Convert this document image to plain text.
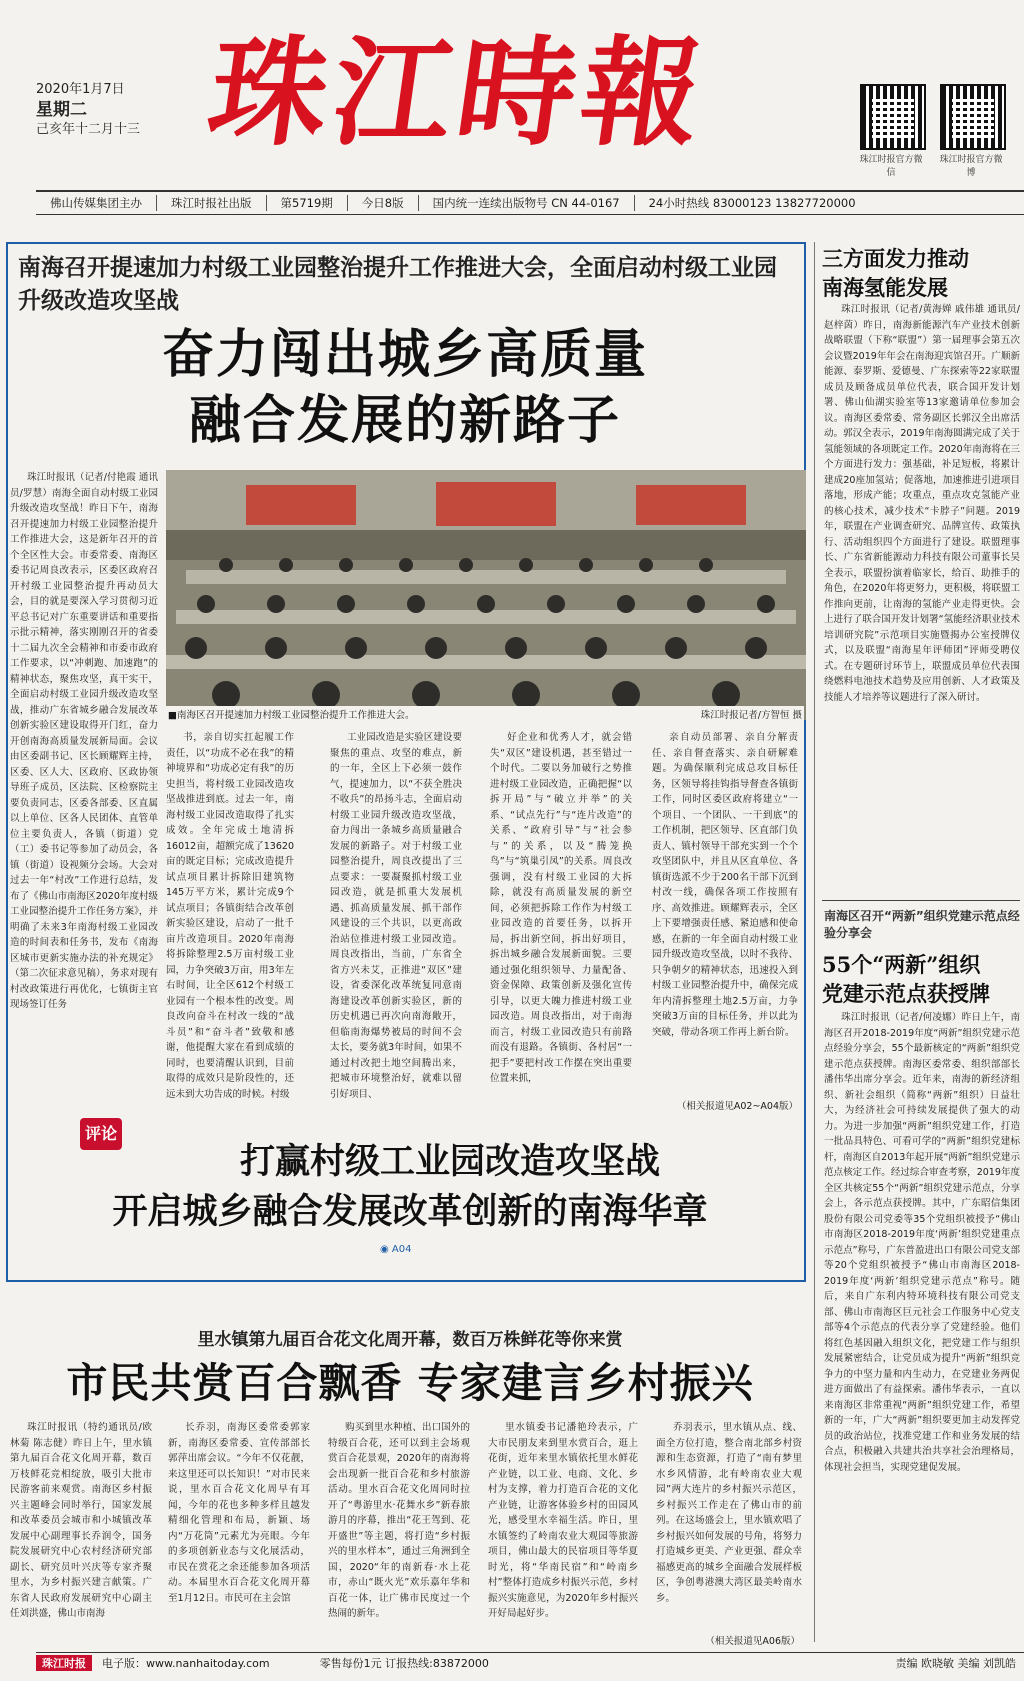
2020年1月7日
星期二
己亥年十二月十三 珠江時報	珠江时报官方微信
珠江时报官方微博
佛山传媒集团主办	珠江时报社出版	第5719期	今日8版	国内统一连续出版物号 CN 44-0167	24小时热线 83000123 13827720000
南海召开提速加力村级工业园整治提升工作推进大会，全面启动村级工业园升级改造攻坚战
奋力闯出城乡高质量
融合发展的新路子
■南海区召开提速加力村级工业园整治提升工作推进大会。	珠江时报记者/方智恒 摄

珠江时报讯（记者/付艳霞 通讯员/罗慧）南海全面自动村级工业园升级改造攻坚战！昨日下午，南海召开提速加力村级工业园整治提升工作推进大会，这是新年召开的首个全区性大会。市委常委、南海区委书记周良改表示，区委区政府召开村级工业园整治提升再动员大会，目的就是要深入学习贯彻习近平总书记对广东重要讲话和重要指示批示精神，落实刚刚召开的省委十二届九次全会精神和市委市政府工作要求，以“冲刺跑、加速跑”的精神状态，聚焦攻坚，真干实干，全面启动村级工业园升级改造攻坚战，推动广东省城乡融合发展改革创新实验区建设取得开门红，奋力开创南海高质量发展新局面。会议由区委副书记、区长顾耀辉主持，区委、区人大、区政府、区政协领导班子成员，区法院、区检察院主要负责同志，区委各部委、区直属以上单位、区各人民团体、直管单位主要负责人，各镇（街道）党（工）委书记等参加了动员会，各镇（街道）设视频分会场。大会对过去一年“村改”工作进行总结，发布了《佛山市南海区2020年度村级工业园整治提升工作任务方案》，并明确了未来3年南海村级工业园改造的时间表和任务书，发布《南海区城市更新实施办法的补充规定》（第二次征求意见稿），务求对现有村改政策进行再优化，七镇街主官现场签订任务

书，亲自切实扛起履工作责任，以“功成不必在我”的精神境界和“功成必定有我”的历史担当，将村级工业园改造攻坚战推进到底。过去一年，南海村级工业园改造取得了扎实成效。全年完成土地清拆16012亩，超额完成了13620亩的既定目标；完成改造提升试点项目累计拆除旧建筑物145万平方米，累计完成9个试点项目；各镇街结合改革创新实验区建设，启动了一批千亩片改造项目。2020年南海将拆除整理2.5万亩村级工业园，力争突破3万亩，用3年左右时间，让全区612个村级工业园有一个根本性的改变。周良改向奋斗在村改一线的“战斗员”和“奋斗者”致敬和感谢，他提醒大家在看到成绩的同时，也要清醒认识到，目前取得的成效只是阶段性的，还远未到大功告成的时候。村级

工业园改造是实验区建设要聚焦的重点、攻坚的难点，新的一年，全区上下必须一鼓作气，提速加力，以“不获全胜决不收兵”的昂扬斗志，全面启动村级工业园升级改造攻坚战，奋力闯出一条城乡高质量融合发展的新路子。对于村级工业园整治提升，周良改提出了三点要求：一要凝聚抓村级工业园改造，就是抓重大发展机遇、抓高质量发展、抓干部作风建设的三个共识，以更高政治站位推进村级工业园改造。周良改指出，当前，广东省全省方兴未艾，正推进“双区”建设，省委深化改革统复同意南海建设改革创新实验区，新的历史机遇已再次向南海敞开，但临南海爆势被局的时间不会太长，要务就3年时间，如果不通过村改把土地空间腾出来，把城市环境整治好，就难以留引好项目、

好企业和优秀人才，就会错失“双区”建设机遇，甚至错过一个时代。二要以务加破行之势推进村级工业园改造，正确把握“以拆开局”与“破立并举”的关系、“试点先行”与“连片改造”的关系、“政府引导”与“社会参与”的关系，以及“腾笼换鸟”与“筑巢引凤”的关系。周良改强调，没有村级工业园的大拆除，就没有高质量发展的新空间，必须把拆除工作作为村级工业园改造的首要任务，以拆开局，拆出新空间，拆出好项目，拆出城乡融合发展新面貌。三要通过强化组织领导、力量配备、资金保障、政策创新及强化宣传引导，以更大魄力推进村级工业园改造。周良改指出，对于南海而言，村级工业园改造只有前路而没有退路。各镇街、各村居“一把手”要把村改工作摆在突出重要位置来抓，

亲自动员部署、亲自分解责任、亲自督查落实、亲自研解难题。为确保顺利完成总攻目标任务，区领导将挂钩指导督查各镇街工作，同时区委区政府将建立“一个项目、一个团队、一干到底”的工作机制，把区领导、区直部门负责人、镇村领导干部充实到一个个攻坚团队中，并且从区直单位、各镇街选派不少于200名干部下沉到村改一线，确保各项工作按照有序、高效推进。顾耀辉表示，全区上下要增强责任感、紧迫感和使命感，在新的一年全面自动村级工业园升级改造攻坚战，以时不我待、只争朝夕的精神状态，迅速投入到村级工业园整治提升中，确保完成年内清拆整理土地2.5万亩，力争突破3万亩的目标任务，并以此为突破，带动各项工作再上新台阶。

（相关报道见A02~A04版）
评论
打赢村级工业园改造攻坚战
开启城乡融合发展改革创新的南海华章
◉ A04
三方面发力推动
南海氢能发展

珠江时报讯（记者/黄海婵 戚伟雄 通讯员/赵梓茵）昨日，南海新能源汽车产业技术创新战略联盟（下称“联盟”）第一届理事会第五次会议暨2019年年会在南海迎宾馆召开。广顺新能源、泰罗斯、爱德曼、广东探索等22家联盟成员及顾备成员单位代表，联合国开发计划署、佛山仙湖实验室等13家邀请单位参加会议。南海区委常委、常务副区长郭汉全出席活动。郭汉全表示，2019年南海圆满完成了关于氢能领域的各项既定工作。2020年南海将在三个方面进行发力：强基础，补足短板，将累计建成20座加氢站；促落地，加速推进引进项目落地，形成产能；攻重点，重点攻克氢能产业的核心技术，减少技术“卡脖子”问题。2019年，联盟在产业调查研究、品牌宣传、政策执行、活动组织四个方面进行了建设。联盟理事长、广东省新能源动力科技有限公司董事长吴全表示，联盟扮演着临家长，给百、助推手的角色，在2020年将更努力，更积极，将联盟工作推向更前，让南海的氢能产业走得更快。会上进行了联合国开发计划署“氢能经济职业技术培训研究院”示范项目实施暨揭办公室授牌仪式，以及联盟“南海星年评师团”评师受聘仪式。在专题研讨环节上，联盟成员单位代表围绕燃料电池技术趋势及应用创新、人才政策及技能人才培养等议题进行了深入研讨。

南海区召开“两新”组织党建示范点经验分享会
55个“两新”组织
党建示范点获授牌

珠江时报讯（记者/何凌娜）昨日上午，南海区召开2018-2019年度“两新”组织党建示范点经验分享会，55个最新核定的“两新”组织党建示范点获授牌。南海区委常委、组织部部长潘伟华出席分享会。近年来，南海的新经济组织、新社会组织（简称“两新”组织）日益壮大，为经济社会可持续发展提供了强大的动力。为进一步加强“两新”组织党建工作，打造一批品具特色、可看可学的“两新”组织党建标杆，南海区自2013年起开展“两新”组织党建示范点核定工作。经过综合审查考察，2019年度全区共核定55个“两新”组织党建示范点，分享会上，各示范点获授牌。其中，广东昭信集团股份有限公司党委等35个党组织被授予“佛山市南海区2018-2019年度‘两新’组织党建重点示范点”称号，广东普盈进出口有限公司党支部等20个党组织被授予“佛山市南海区2018-2019年度‘两新’组织党建示范点”称号。随后，来自广东利内特环境科技有限公司党支部、佛山市南海区巨元社会工作服务中心党支部等4个示范点的代表分享了党建经验。他们将红色基因融入组织文化，把党建工作与组织发展紧密结合，让党员成为提升“两新”组织竞争力的中坚力量和内生动力，在党建业务两促进方面做出了有益探索。潘伟华表示，一直以来南海区非常重视“两新”组织党建工作，希望新的一年，广大“两新”组织要更加主动发挥党员的政治站位，找准党建工作和业务发展的结合点，积极融入共建共治共享社会治理格局，体现社会担当，实现党建促发展。

里水镇第九届百合花文化周开幕，数百万株鲜花等你来赏
市民共赏百合飘香 专家建言乡村振兴

珠江时报讯（特约通讯员/欧林菊 陈志健）昨日上午，里水镇第九届百合花文化周开幕，数百万枝鲜花竞相绽放，吸引大批市民游客前来观赏。南海区乡村振兴主题峰会同时举行，国家发展和改革委员会城市和小城镇改革发展中心副理事长乔润令，国务院发展研究中心农村经济研究部副长、研究员叶兴庆等专家齐聚里水，为乡村振兴建言献策。广东省人民政府发展研究中心副主任刘洪盛，佛山市南海

长乔羽，南海区委常委郭家新，南海区委常委、宣传部部长郭萍出席会议。“今年不仅花靓，来这里还可以长知识！”对市民来说，里水百合花文化周早有耳闻，今年的花也多种多样且越发精细化管理和布局，新颖、场内“万花筒”元素尤为亮眼。今年的多项创新业态与文化展活动，市民在赏花之余还能参加各项活动。本届里水百合花文化周开幕至1月12日。市民可在主会馆

购买到里水种植、出口国外的特级百合花，还可以到主会场观赏百合花景观，2020年的南海将会出现新一批百合花和乡村旅游活动。里水百合花文化周同时拉开了“粤游里水·花舞水乡”新春旅游月的序幕，推出“花王驾到、花开盛世”等主题，将打造“乡村振兴的里水样本”，通过三角洲到全国，2020“年的南新春·水上花市，赤山“既火光”欢乐嘉年华和百花一体，让广佛市民度过一个热闹的新年。

里水镇委书记潘艳玲表示，广大市民朋友来到里水赏百合，逛上花街，近年来里水镇依托里水鲜花产业链，以工业、电商、文化、乡村为支撑，着力打造百合花的文化产业链，让游客体验乡村的田园风光，感受里水幸福生活。昨日，里水镇签约了岭南农业大观园等旅游项目，佛山最大的民宿项目等华夏时光，将“华南民宿”和“岭南乡村”整体打造成乡村振兴示范，乡村振兴实施意见，为2020年乡村振兴开好局起好步。

乔羽表示，里水镇从点、线、面全方位打造，整合南北部乡村资源和生态资源，打造了“南有梦里水乡风情游，北有岭南农业大观园”两大连片的乡村振兴示范区，乡村振兴工作走在了佛山市的前列。在这场盛会上，里水镇欢唱了乡村振兴如何发展的号角，将努力打造城乡更美、产业更强、群众幸福感更高的城乡全面融合发展样板区，争创粤港澳大湾区最美岭南水乡。

（相关报道见A06版）
珠江时报	电子版：www.nanhaitoday.com	零售每份1元 订报热线:83872000	责编 欧晓敏 美编 刘凯皓
